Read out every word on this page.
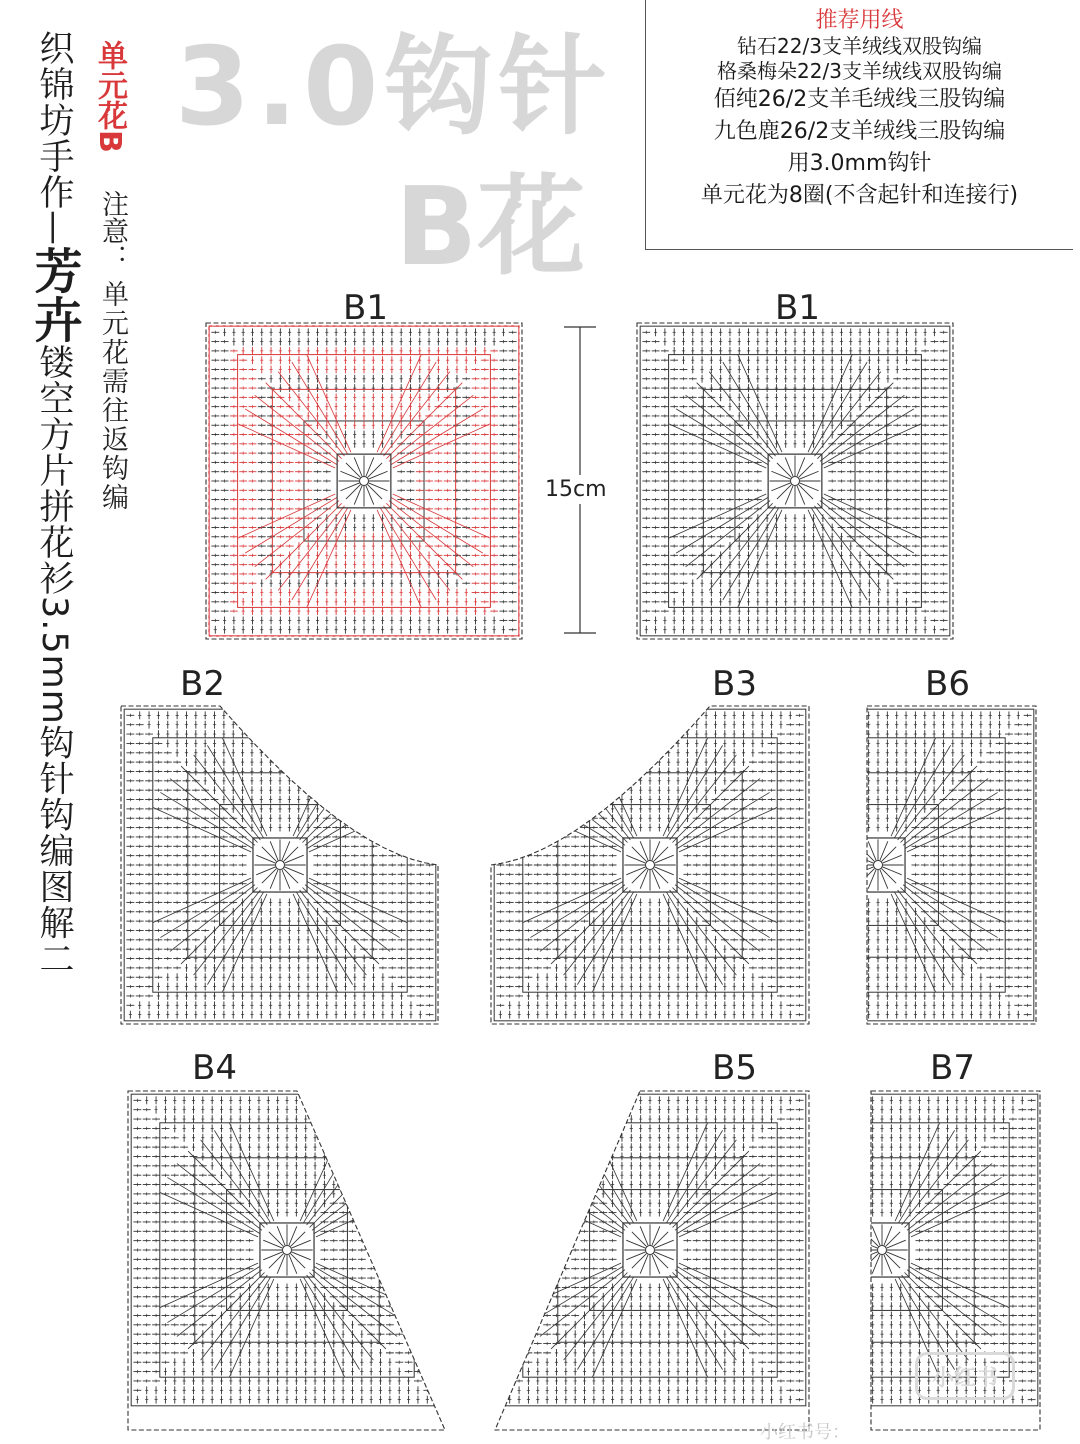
织锦坊手作—芳卉镂空方片拼花衫3.5mm钩针钩编图解二
单元花B
注意：
单元花需往返钩编
3.0钩针
B花
推荐用线
钻石22/3支羊绒线双股钩编
格桑梅朵22/3支羊绒线双股钩编
佰纯26/2支羊毛绒线三股钩编
九色鹿26/2支羊绒线三股钩编
用3.0mm钩针
单元花为8圈(不含起针和连接行)
B1	B1
B2	B3	B6
B4	B5	B7
15cm
小红书
小红书号：
